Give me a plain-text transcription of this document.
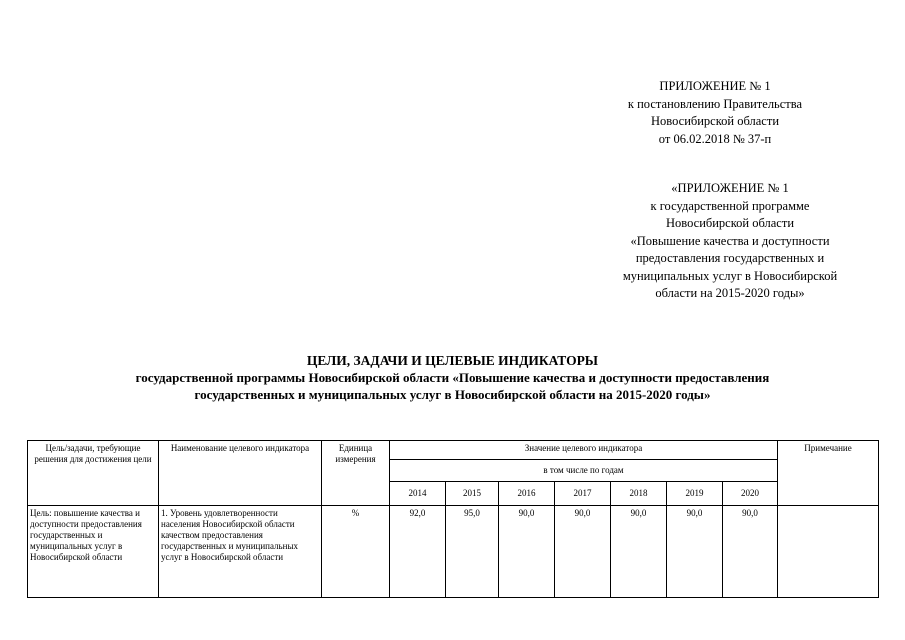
ПРИЛОЖЕНИЕ № 1
к постановлению Правительства
Новосибирской области
от 06.02.2018 № 37-п
«ПРИЛОЖЕНИЕ № 1
к государственной программе
Новосибирской области
«Повышение качества и доступности
предоставления государственных и
муниципальных услуг в Новосибирской
области на 2015-2020 годы»
ЦЕЛИ, ЗАДАЧИ И ЦЕЛЕВЫЕ ИНДИКАТОРЫ
государственной программы Новосибирской области «Повышение качества и доступности предоставления
государственных и муниципальных услуг в Новосибирской области на 2015-2020 годы»
Цель/задачи, требующие решения для достижения цели	Наименование целевого индикатора	Единица измерения	Значение целевого индикатора							Примечание
			в том числе по годам							
			2014	2015	2016	2017	2018	2019	2020	
Цель: повышение качества и доступности предоставления государственных и муниципальных услуг в Новосибирской области	1. Уровень удовлетворенности населения Новосибирской области качеством предоставления государственных и муниципальных услуг в Новосибирской области	%	92,0	95,0	90,0	90,0	90,0	90,0	90,0	
